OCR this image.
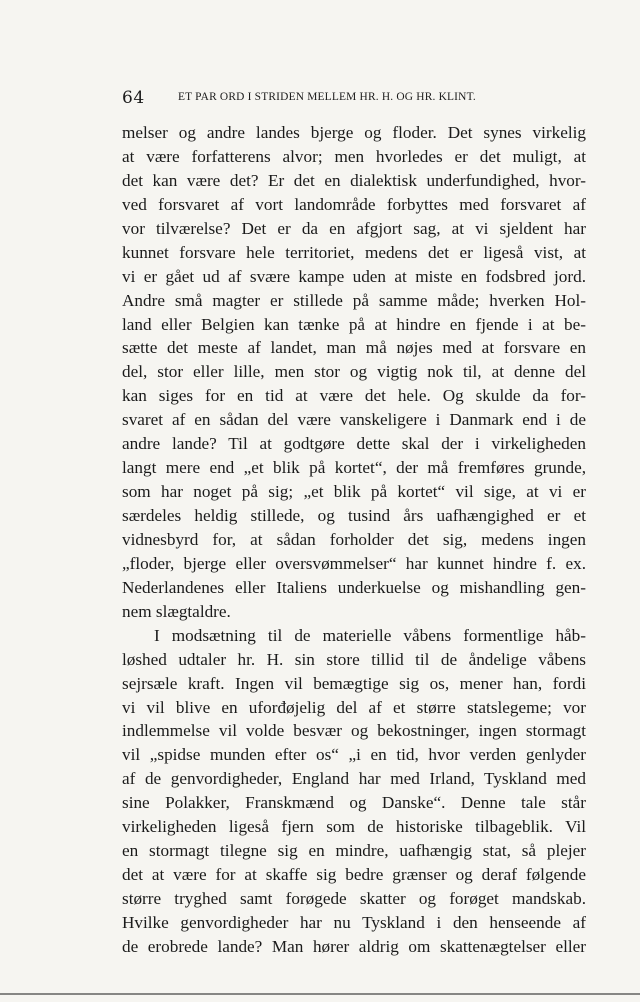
64	ET PAR ORD I STRIDEN MELLEM HR. H. OG HR. KLINT.
melser og andre landes bjerge og floder. Det synes virkelig
at være forfatterens alvor; men hvorledes er det muligt, at
det kan være det? Er det en dialektisk underfundighed, hvor-
ved forsvaret af vort landområde forbyttes med forsvaret af
vor tilværelse? Det er da en afgjort sag, at vi sjeldent har
kunnet forsvare hele territoriet, medens det er ligeså vist, at
vi er gået ud af svære kampe uden at miste en fodsbred jord.
Andre små magter er stillede på samme måde; hverken Hol-
land eller Belgien kan tænke på at hindre en fjende i at be-
sætte det meste af landet, man må nøjes med at forsvare en
del, stor eller lille, men stor og vigtig nok til, at denne del
kan siges for en tid at være det hele. Og skulde da for-
svaret af en sådan del være vanskeligere i Danmark end i de
andre lande? Til at godtgøre dette skal der i virkeligheden
langt mere end „et blik på kortet“, der må fremføres grunde,
som har noget på sig; „et blik på kortet“ vil sige, at vi er
særdeles heldig stillede, og tusind års uafhængighed er et
vidnesbyrd for, at sådan forholder det sig, medens ingen
„floder, bjerge eller oversvømmelser“ har kunnet hindre f. ex.
Nederlandenes eller Italiens underkuelse og mishandling gen-
nem slægtaldre.
I modsætning til de materielle våbens formentlige håb-
løshed udtaler hr. H. sin store tillid til de åndelige våbens
sejrsæle kraft. Ingen vil bemægtige sig os, mener han, fordi
vi vil blive en uforđøjelig del af et større statslegeme; vor
indlemmelse vil volde besvær og bekostninger, ingen stormagt
vil „spidse munden efter os“ „i en tid, hvor verden genlyder
af de genvordigheder, England har med Irland, Tyskland med
sine Polakker, Franskmænd og Danske“. Denne tale står
virkeligheden ligeså fjern som de historiske tilbageblik. Vil
en stormagt tilegne sig en mindre, uafhængig stat, så plejer
det at være for at skaffe sig bedre grænser og deraf følgende
større tryghed samt forøgede skatter og forøget mandskab.
Hvilke genvordigheder har nu Tyskland i den henseende af
de erobrede lande? Man hører aldrig om skattenægtelser eller
